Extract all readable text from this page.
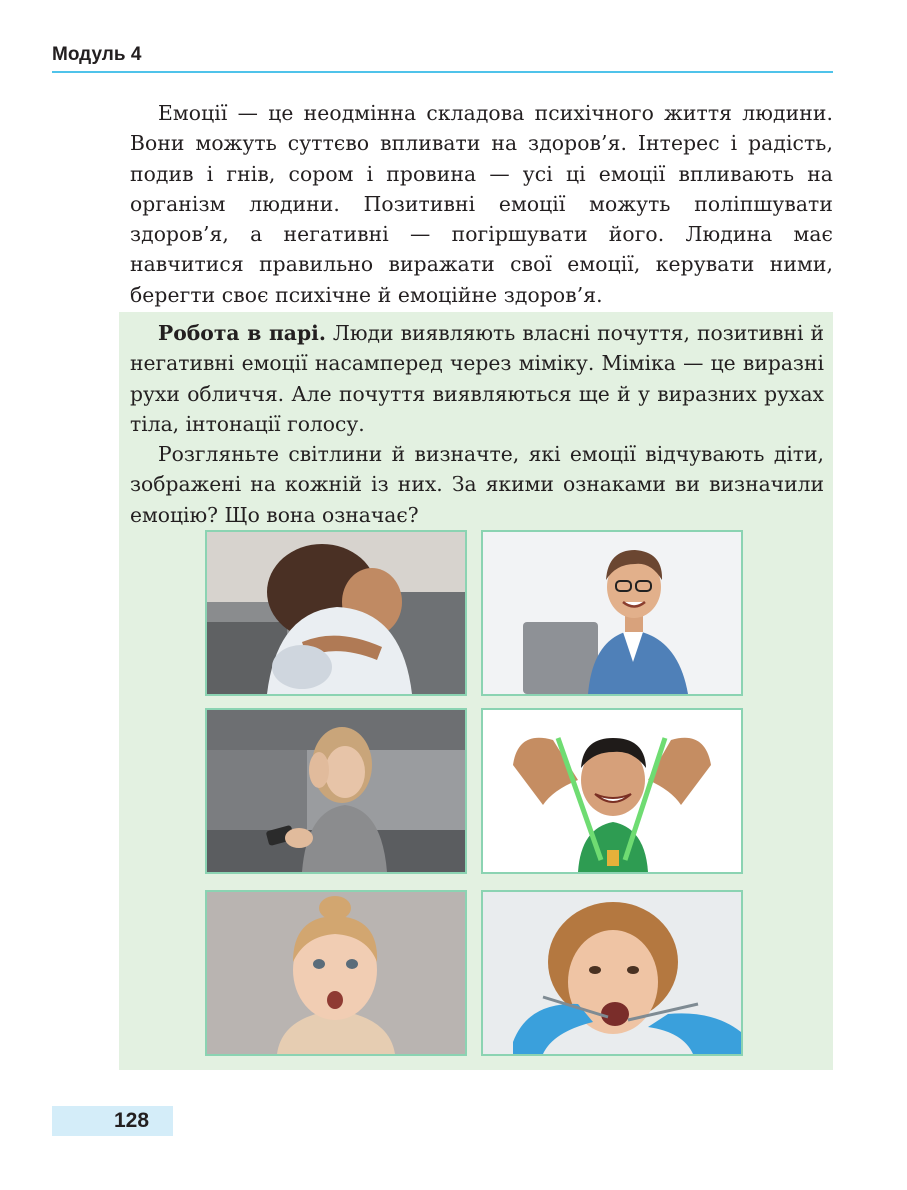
Модуль 4

Емоції — це неодмінна складова психічного життя людини. Вони можуть суттєво впливати на здоров’я. Інтерес і радість, подив і гнів, сором і провина — усі ці емоції впливають на організм людини. Позитивні емоції можуть поліпшувати здоров’я, а негативні — погіршувати його. Людина має навчитися правильно виражати свої емоції, керувати ними, берегти своє психічне й емоційне здоров’я.

Робота в парі. Люди виявляють власні почуття, позитивні й негативні емоції насамперед через міміку. Міміка — це виразні рухи обличчя. Але почуття виявляються ще й у виразних рухах тіла, інтонації голосу.

Розгляньте світлини й визначте, які емоції відчувають діти, зображені на кожній із них. За якими ознаками ви визначили емоцію? Що вона означає?

128
